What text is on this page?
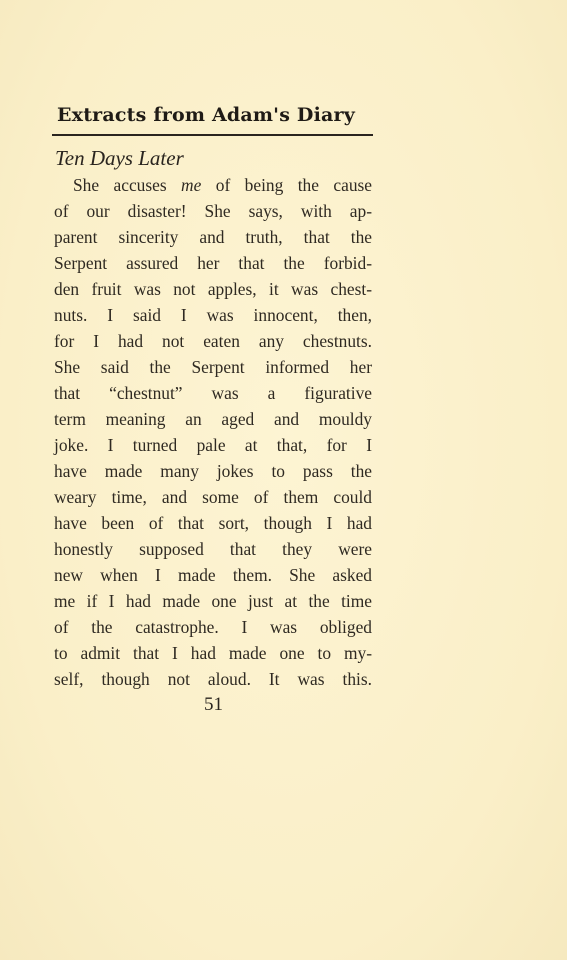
Extracts from Adam's Diary
Ten Days Later
She accuses me of being the cause
of our disaster! She says, with ap-
parent sincerity and truth, that the
Serpent assured her that the forbid-
den fruit was not apples, it was chest-
nuts. I said I was innocent, then,
for I had not eaten any chestnuts.
She said the Serpent informed her
that “chestnut” was a figurative
term meaning an aged and mouldy
joke. I turned pale at that, for I
have made many jokes to pass the
weary time, and some of them could
have been of that sort, though I had
honestly supposed that they were
new when I made them. She asked
me if I had made one just at the time
of the catastrophe. I was obliged
to admit that I had made one to my-
self, though not aloud. It was this.
51
